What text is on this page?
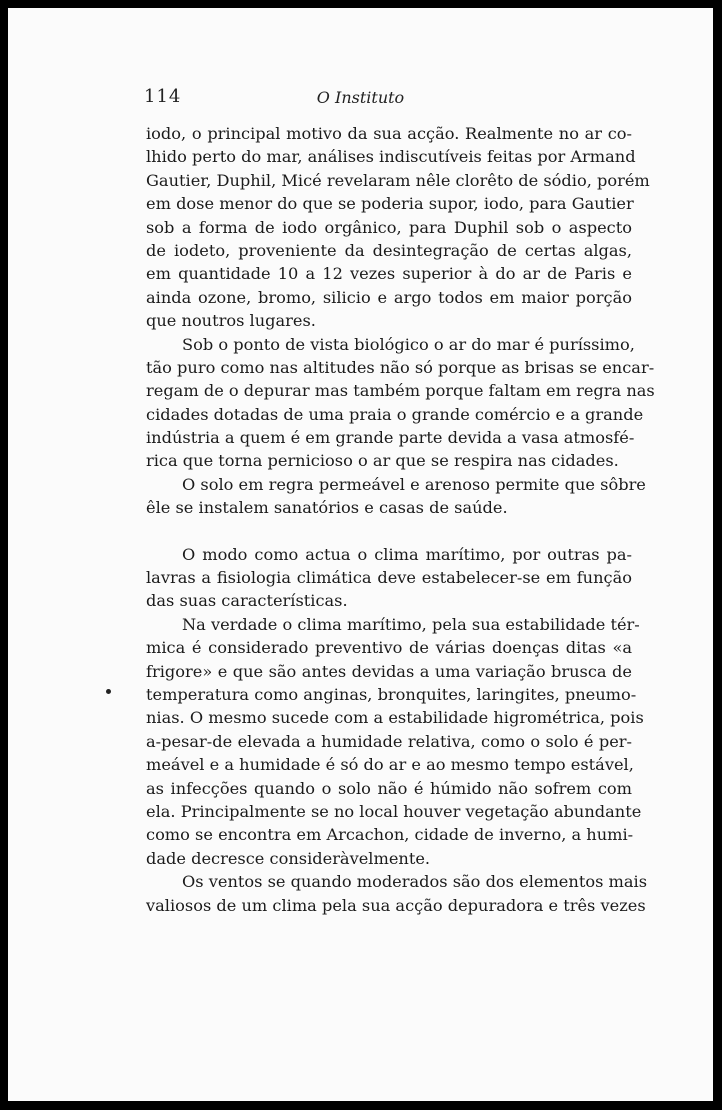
114	O Instituto
iodo, o principal motivo da sua acção. Realmente no ar co-
lhido perto do mar, análises indiscutíveis feitas por Armand
Gautier, Duphil, Micé revelaram nêle clorêto de sódio, porém
em dose menor do que se poderia supor, iodo, para Gautier
sob a forma de iodo orgânico, para Duphil sob o aspecto
de iodeto, proveniente da desintegração de certas algas,
em quantidade 10 a 12 vezes superior à do ar de Paris e
ainda ozone, bromo, silicio e argo todos em maior porção
que noutros lugares.
Sob o ponto de vista biológico o ar do mar é puríssimo,
tão puro como nas altitudes não só porque as brisas se encar-
regam de o depurar mas também porque faltam em regra nas
cidades dotadas de uma praia o grande comércio e a grande
indústria a quem é em grande parte devida a vasa atmosfé-
rica que torna pernicioso o ar que se respira nas cidades.
O solo em regra permeável e arenoso permite que sôbre
êle se instalem sanatórios e casas de saúde.
O modo como actua o clima marítimo, por outras pa-
lavras a fisiologia climática deve estabelecer-se em função
das suas características.
Na verdade o clima marítimo, pela sua estabilidade tér-
mica é considerado preventivo de várias doenças ditas «a
frigore» e que são antes devidas a uma variação brusca de
temperatura como anginas, bronquites, laringites, pneumo-
nias. O mesmo sucede com a estabilidade higrométrica, pois
a-pesar-de elevada a humidade relativa, como o solo é per-
meável e a humidade é só do ar e ao mesmo tempo estável,
as infecções quando o solo não é húmido não sofrem com
ela. Principalmente se no local houver vegetação abundante
como se encontra em Arcachon, cidade de inverno, a humi-
dade decresce consideràvelmente.
Os ventos se quando moderados são dos elementos mais
valiosos de um clima pela sua acção depuradora e três vezes
